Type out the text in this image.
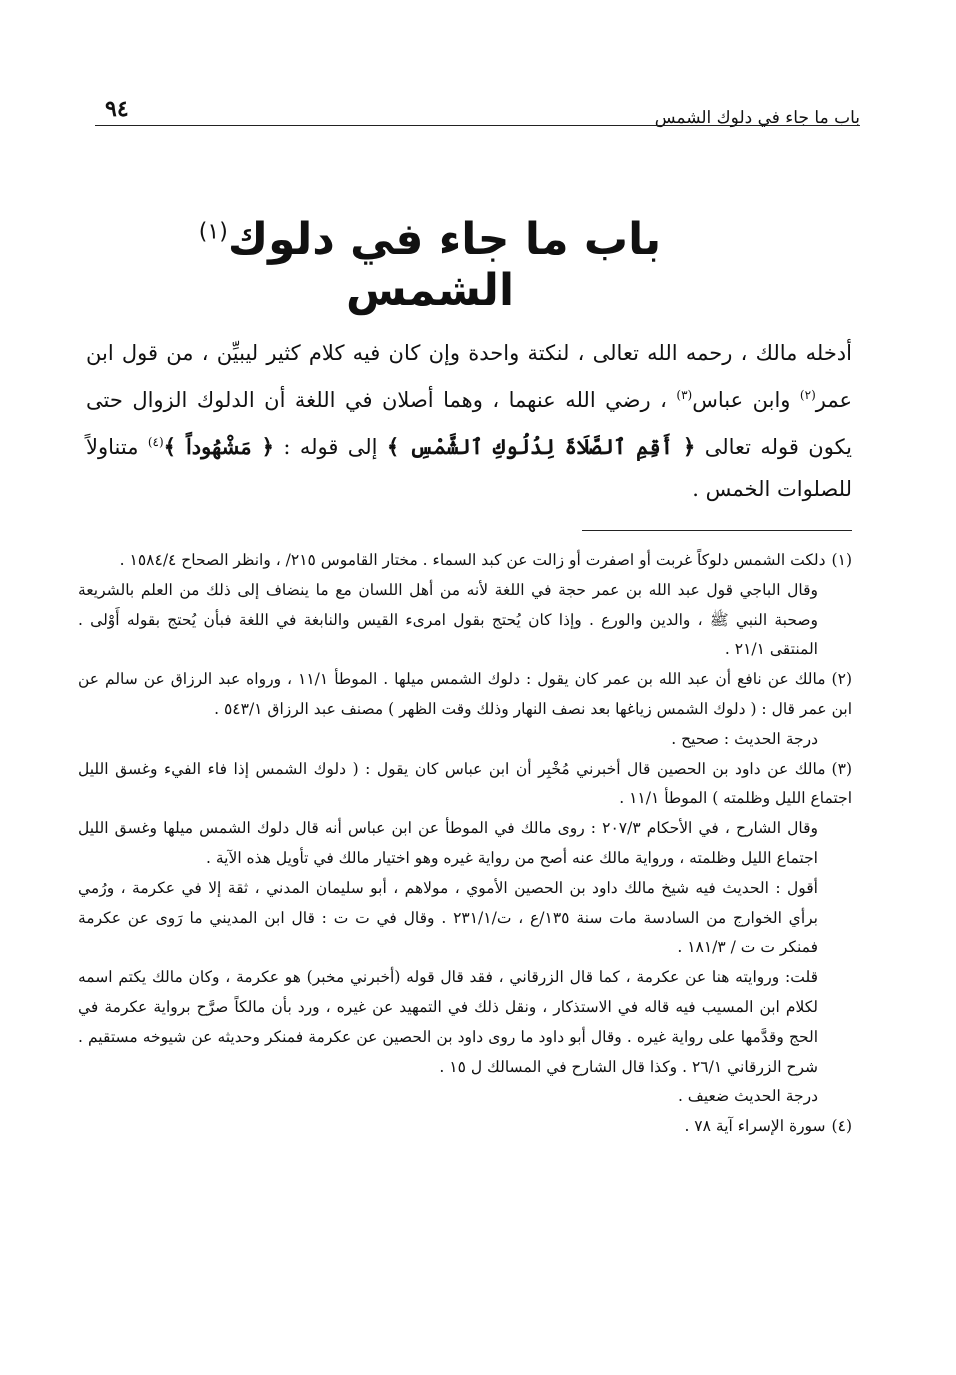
٩٤	باب ما جاء في دلوك الشمس
باب ما جاء في دلوك$^{(١)}$ الشمس

أدخله مالك ، رحمه الله تعالى ، لنكتة واحدة وإن كان فيه كلام كثير ليبيِّن ، من قول ابن عمر$^{(٢)}$ وابن عباس$^{(٣)}$ ، رضي الله عنهما ، وهما أصلان في اللغة أن الدلوك الزوال حتى يكون قوله تعالى ﴿ أَقِمِ ٱلصَّلَاةَ لِدُلُوكِ ٱلشَّمْسِ ﴾ إلى قوله : ﴿ مَشْهُوداً ﴾$^{(٤)}$ متناولاً للصلوات الخمس .

(١)دلكت الشمس دلوكاً غربت أو اصفرت أو زالت عن كبد السماء . مختار القاموس ٢١٥/ ، وانظر الصحاح ١٥٨٤/٤ .

وقال الباجي قول عبد الله بن عمر حجة في اللغة لأنه من أهل اللسان مع ما ينضاف إلى ذلك من العلم بالشريعة وصحبة النبي ﷺ ، والدين والورع . وإذا كان يُحتج بقول امرىء القيس والنابغة في اللغة فبأن يُحتج بقوله أَوْلى . المنتقى ٢١/١ .

(٢)مالك عن نافع أن عبد الله بن عمر كان يقول : دلوك الشمس ميلها . الموطأ ١١/١ ، ورواه عبد الرزاق عن سالم عن ابن عمر قال : ( دلوك الشمس زياغها بعد نصف النهار وذلك وقت الظهر ) مصنف عبد الرزاق ٥٤٣/١ .

درجة الحديث : صحيح .

(٣)مالك عن داود بن الحصين قال أخبرني مُخْبِر أن ابن عباس كان يقول : ( دلوك الشمس إذا فاء الفيء وغسق الليل اجتماع الليل وظلمته ) الموطأ ١١/١ .

وقال الشارح ، في الأحكام ٢٠٧/٣ : روى مالك في الموطأ عن ابن عباس أنه قال دلوك الشمس ميلها وغسق الليل اجتماع الليل وظلمته ، ورواية مالك عنه أصح من رواية غيره وهو اختيار مالك في تأويل هذه الآية .

أقول : الحديث فيه شيخ مالك داود بن الحصين الأموي ، مولاهم ، أبو سليمان المدني ، ثقة إلا في عكرمة ، ورُمي برأي الخوارج من السادسة مات سنة ١٣٥/ع ، ت/٢٣١/١ . وقال في ت ت : قال ابن المديني ما رَوى عن عكرمة فمنكر ت ت / ١٨١/٣ .

قلت: وروايته هنا عن عكرمة ، كما قال الزرقاني ، فقد قال قوله (أخبرني مخبر) هو عكرمة ، وكان مالك يكتم اسمه لكلام ابن المسيب فيه قاله في الاستذكار ، ونقل ذلك في التمهيد عن غيره ، ورد بأن مالكاً صرَّح برواية عكرمة في الحج وقدَّمها على رواية غيره . وقال أبو داود ما روى داود بن الحصين عن عكرمة فمنكر وحديثه عن شيوخه مستقيم . شرح الزرقاني ٢٦/١ . وكذا قال الشارح في المسالك ل ١٥ .

درجة الحديث ضعيف .

(٤)سورة الإسراء آية ٧٨ .
